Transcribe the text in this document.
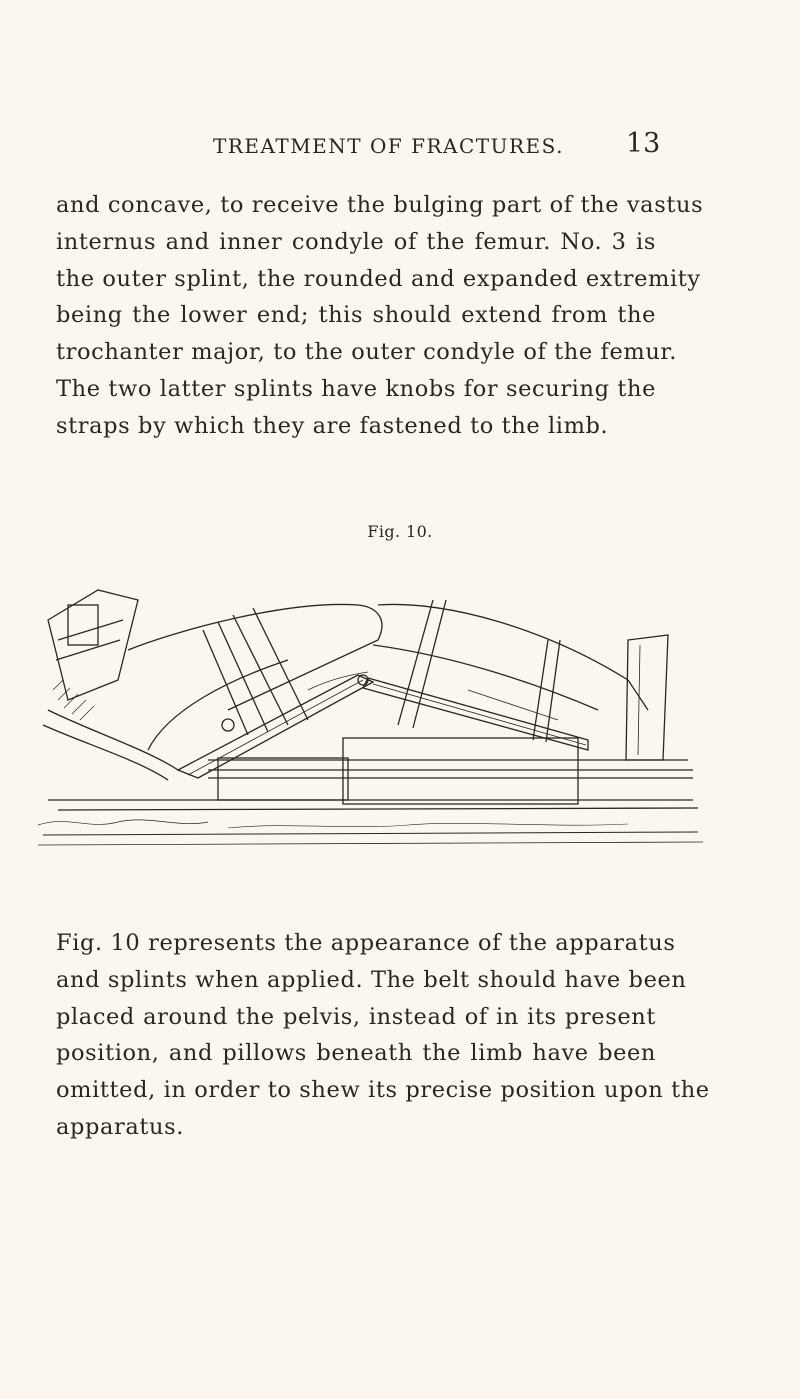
TREATMENT OF FRACTURES. 13
and concave, to receive the bulging part of the vastus
internus and inner condyle of the femur. No. 3 is
the outer splint, the rounded and expanded extremity
being the lower end; this should extend from the
trochanter major, to the outer condyle of the femur.
The two latter splints have knobs for securing the
straps by which they are fastened to the limb.
Fig. 10.
Fig. 10 represents the appearance of the apparatus
and splints when applied. The belt should have been
placed around the pelvis, instead of in its present
position, and pillows beneath the limb have been
omitted, in order to shew its precise position upon the
apparatus.
